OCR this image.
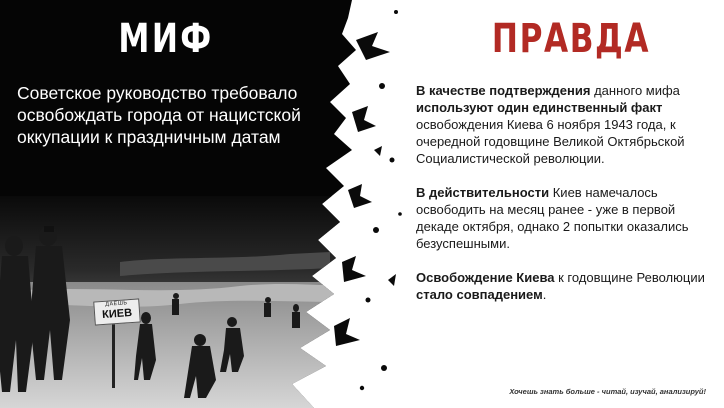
ДАЁШЬ
КИЕВ
МИФ
Советское руководство требовало освобождать города от нацистской оккупации к праздничным датам
ПРАВДА

В качестве подтверждения данного мифа используют один единственный факт освобождения Киева 6 ноября 1943 года, к очередной годовщине Великой Октябрьской Социалистической революции.

В действительности Киев намечалось освободить на месяц ранее - уже в первой декаде октября, однако 2 попытки оказались безуспешными.

Освобождение Киева к годовщине Революции стало совпадением.

Хочешь знать больше - читай, изучай, анализируй!
